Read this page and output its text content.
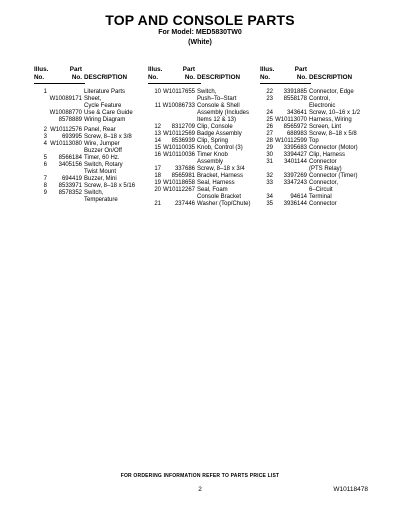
TOP AND CONSOLE PARTS
For Model: MED5830TW0
(White)
Illus.
No.
Part
No. DESCRIPTION
1	Literature Parts
W10089171 Sheet,
Cycle Feature
W10088770 Use & Care Guide
8578889 Wiring Diagram
2 W10112576 Panel, Rear
3	693995 Screw, 8–18 x 3/8
4 W10113080 Wire, Jumper
Buzzer On/Off
5	8566184 Timer, 60 Hz.
6	3405156 Switch, Rotary
Twist Mount
7	694419 Buzzer, Mini
8	8533971 Screw, 8–18 x 5/16
9	8578352 Switch,
Temperature
Illus.
No.
Part
No. DESCRIPTION
10 W10117655 Switch,
Push–To–Start
11 W10086733 Console & Shell
Assembly (Includes
Items 12 & 13)
12	8312709 Clip, Console
13 W10112569 Badge Assembly
14	8536939 Clip, Spring
15 W10110035 Knob, Control (3)
16 W10110036 Timer Knob
Assembly
17	337686 Screw, 8–18 x 3/4
18	8565981 Bracket, Harness
19 W10118658 Seal, Harness
20 W10112267 Seal, Foam
Console Bracket
21	237446 Washer (Top/Chute)
Illus.
No.
Part
No. DESCRIPTION
22	3391885 Connector, Edge
23	8558178 Control,
Electronic
24	343641 Screw, 10–16 x 1/2
25 W10113070 Harness, Wiring
26	8565972 Screen, Lint
27	688983 Screw, 8–18 x 5/8
28 W10112599 Top
29	3395683 Connector (Motor)
30	3394427 Clip, Harness
31	3401144 Connector
(PTS Relay)
32	3397269 Connector (Timer)
33	3347243 Connector,
6–Circuit
34	94614 Terminal
35	3936144 Connector
FOR ORDERING INFORMATION REFER TO PARTS PRICE LIST
2	W10118478
